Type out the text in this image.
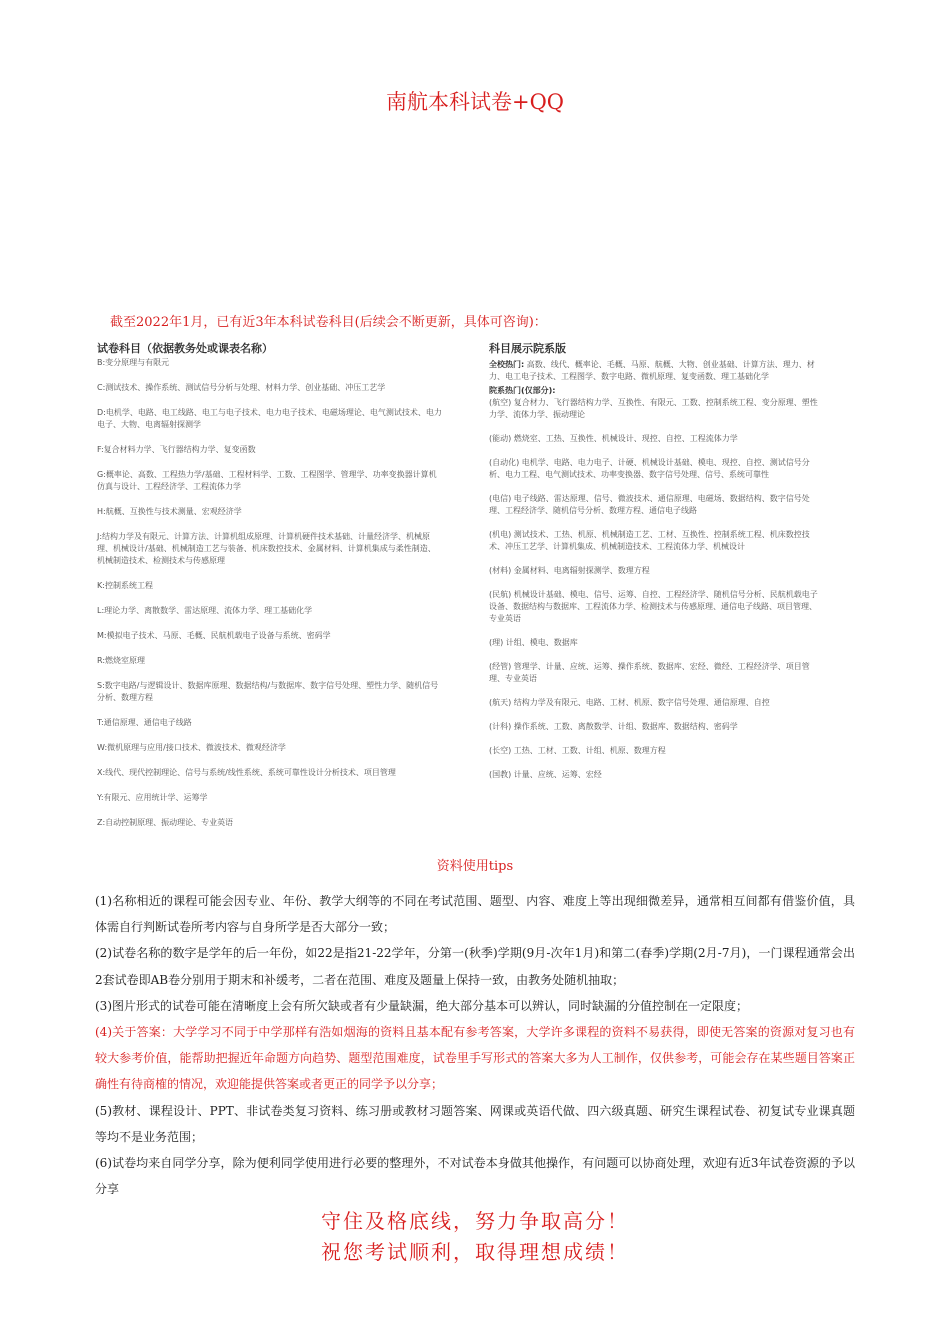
南航本科试卷+QQ
截至2022年1月，已有近3年本科试卷科目(后续会不断更新，具体可咨询)：
试卷科目（依据教务处或课表名称）
B:变分原理与有限元
C:测试技术、操作系统、测试信号分析与处理、材料力学、创业基础、冲压工艺学
D:电机学、电路、电工线路、电工与电子技术、电力电子技术、电磁场理论、电气测试技术、电力电子、大物、电离辐射探测学
F:复合材料力学、飞行器结构力学、复变函数
G:概率论、高数、工程热力学/基础、工程材料学、工数、工程图学、管理学、功率变换器计算机仿真与设计、工程经济学、工程流体力学
H:航概、互换性与技术测量、宏观经济学
J:结构力学及有限元、计算方法、计算机组成原理、计算机硬件技术基础、计量经济学、机械原理、机械设计/基础、机械制造工艺与装备、机床数控技术、金属材料、计算机集成与柔性制造、机械制造技术、检测技术与传感原理
K:控制系统工程
L:理论力学、离散数学、雷达原理、流体力学、理工基础化学
M:模拟电子技术、马原、毛概、民航机载电子设备与系统、密码学
R:燃烧室原理
S:数字电路/与逻辑设计、数据库原理、数据结构/与数据库、数字信号处理、塑性力学、随机信号分析、数理方程
T:通信原理、通信电子线路
W:微机原理与应用/接口技术、微波技术、微观经济学
X:线代、现代控制理论、信号与系统/线性系统、系统可靠性设计分析技术、项目管理
Y:有限元、应用统计学、运筹学
Z:自动控制原理、振动理论、专业英语
科目展示院系版
全校热门: 高数、线代、概率论、毛概、马原、航概、大物、创业基础、计算方法、理力、材力、电工电子技术、工程图学、数字电路、微机原理、复变函数、理工基础化学
院系热门(仅部分):
(航空) 复合材力、飞行器结构力学、互换性、有限元、工数、控制系统工程、变分原理、塑性力学、流体力学、振动理论
(能动) 燃烧室、工热、互换性、机械设计、现控、自控、工程流体力学
(自动化) 电机学、电路、电力电子、计硬、机械设计基础、模电、现控、自控、测试信号分析、电力工程、电气测试技术、功率变换器、数字信号处理、信号、系统可靠性
(电信) 电子线路、雷达原理、信号、微波技术、通信原理、电磁场、数据结构、数字信号处理、工程经济学、随机信号分析、数理方程、通信电子线路
(机电) 测试技术、工热、机原、机械制造工艺、工材、互换性、控制系统工程、机床数控技术、冲压工艺学、计算机集成、机械制造技术、工程流体力学、机械设计
(材料) 金属材料、电离辐射探测学、数理方程
(民航) 机械设计基础、模电、信号、运筹、自控、工程经济学、随机信号分析、民航机载电子设备、数据结构与数据库、工程流体力学、检测技术与传感原理、通信电子线路、项目管理、专业英语
(理) 计组、模电、数据库
(经管) 管理学、计量、应统、运筹、操作系统、数据库、宏经、微经、工程经济学、项目管理、专业英语
(航天) 结构力学及有限元、电路、工材、机原、数字信号处理、通信原理、自控
(计科) 操作系统、工数、离散数学、计组、数据库、数据结构、密码学
(长空) 工热、工材、工数、计组、机原、数理方程
(国教) 计量、应统、运筹、宏经
资料使用tips

(1)名称相近的课程可能会因专业、年份、教学大纲等的不同在考试范围、题型、内容、难度上等出现细微差异，通常相互间都有借鉴价值，具体需自行判断试卷所考内容与自身所学是否大部分一致；

(2)试卷名称的数字是学年的后一年份，如22是指21-22学年，分第一(秋季)学期(9月-次年1月)和第二(春季)学期(2月-7月)，一门课程通常会出2套试卷即AB卷分别用于期末和补缓考，二者在范围、难度及题量上保持一致，由教务处随机抽取；

(3)图片形式的试卷可能在清晰度上会有所欠缺或者有少量缺漏，绝大部分基本可以辨认，同时缺漏的分值控制在一定限度；

(4)关于答案：大学学习不同于中学那样有浩如烟海的资料且基本配有参考答案，大学许多课程的资料不易获得，即使无答案的资源对复习也有较大参考价值，能帮助把握近年命题方向趋势、题型范围难度，试卷里手写形式的答案大多为人工制作，仅供参考，可能会存在某些题目答案正确性有待商榷的情况，欢迎能提供答案或者更正的同学予以分享；

(5)教材、课程设计、PPT、非试卷类复习资料、练习册或教材习题答案、网课或英语代做、四六级真题、研究生课程试卷、初复试专业课真题等均不是业务范围；

(6)试卷均来自同学分享，除为便利同学使用进行必要的整理外，不对试卷本身做其他操作，有问题可以协商处理，欢迎有近3年试卷资源的予以分享

守住及格底线，努力争取高分！
祝您考试顺利，取得理想成绩！
